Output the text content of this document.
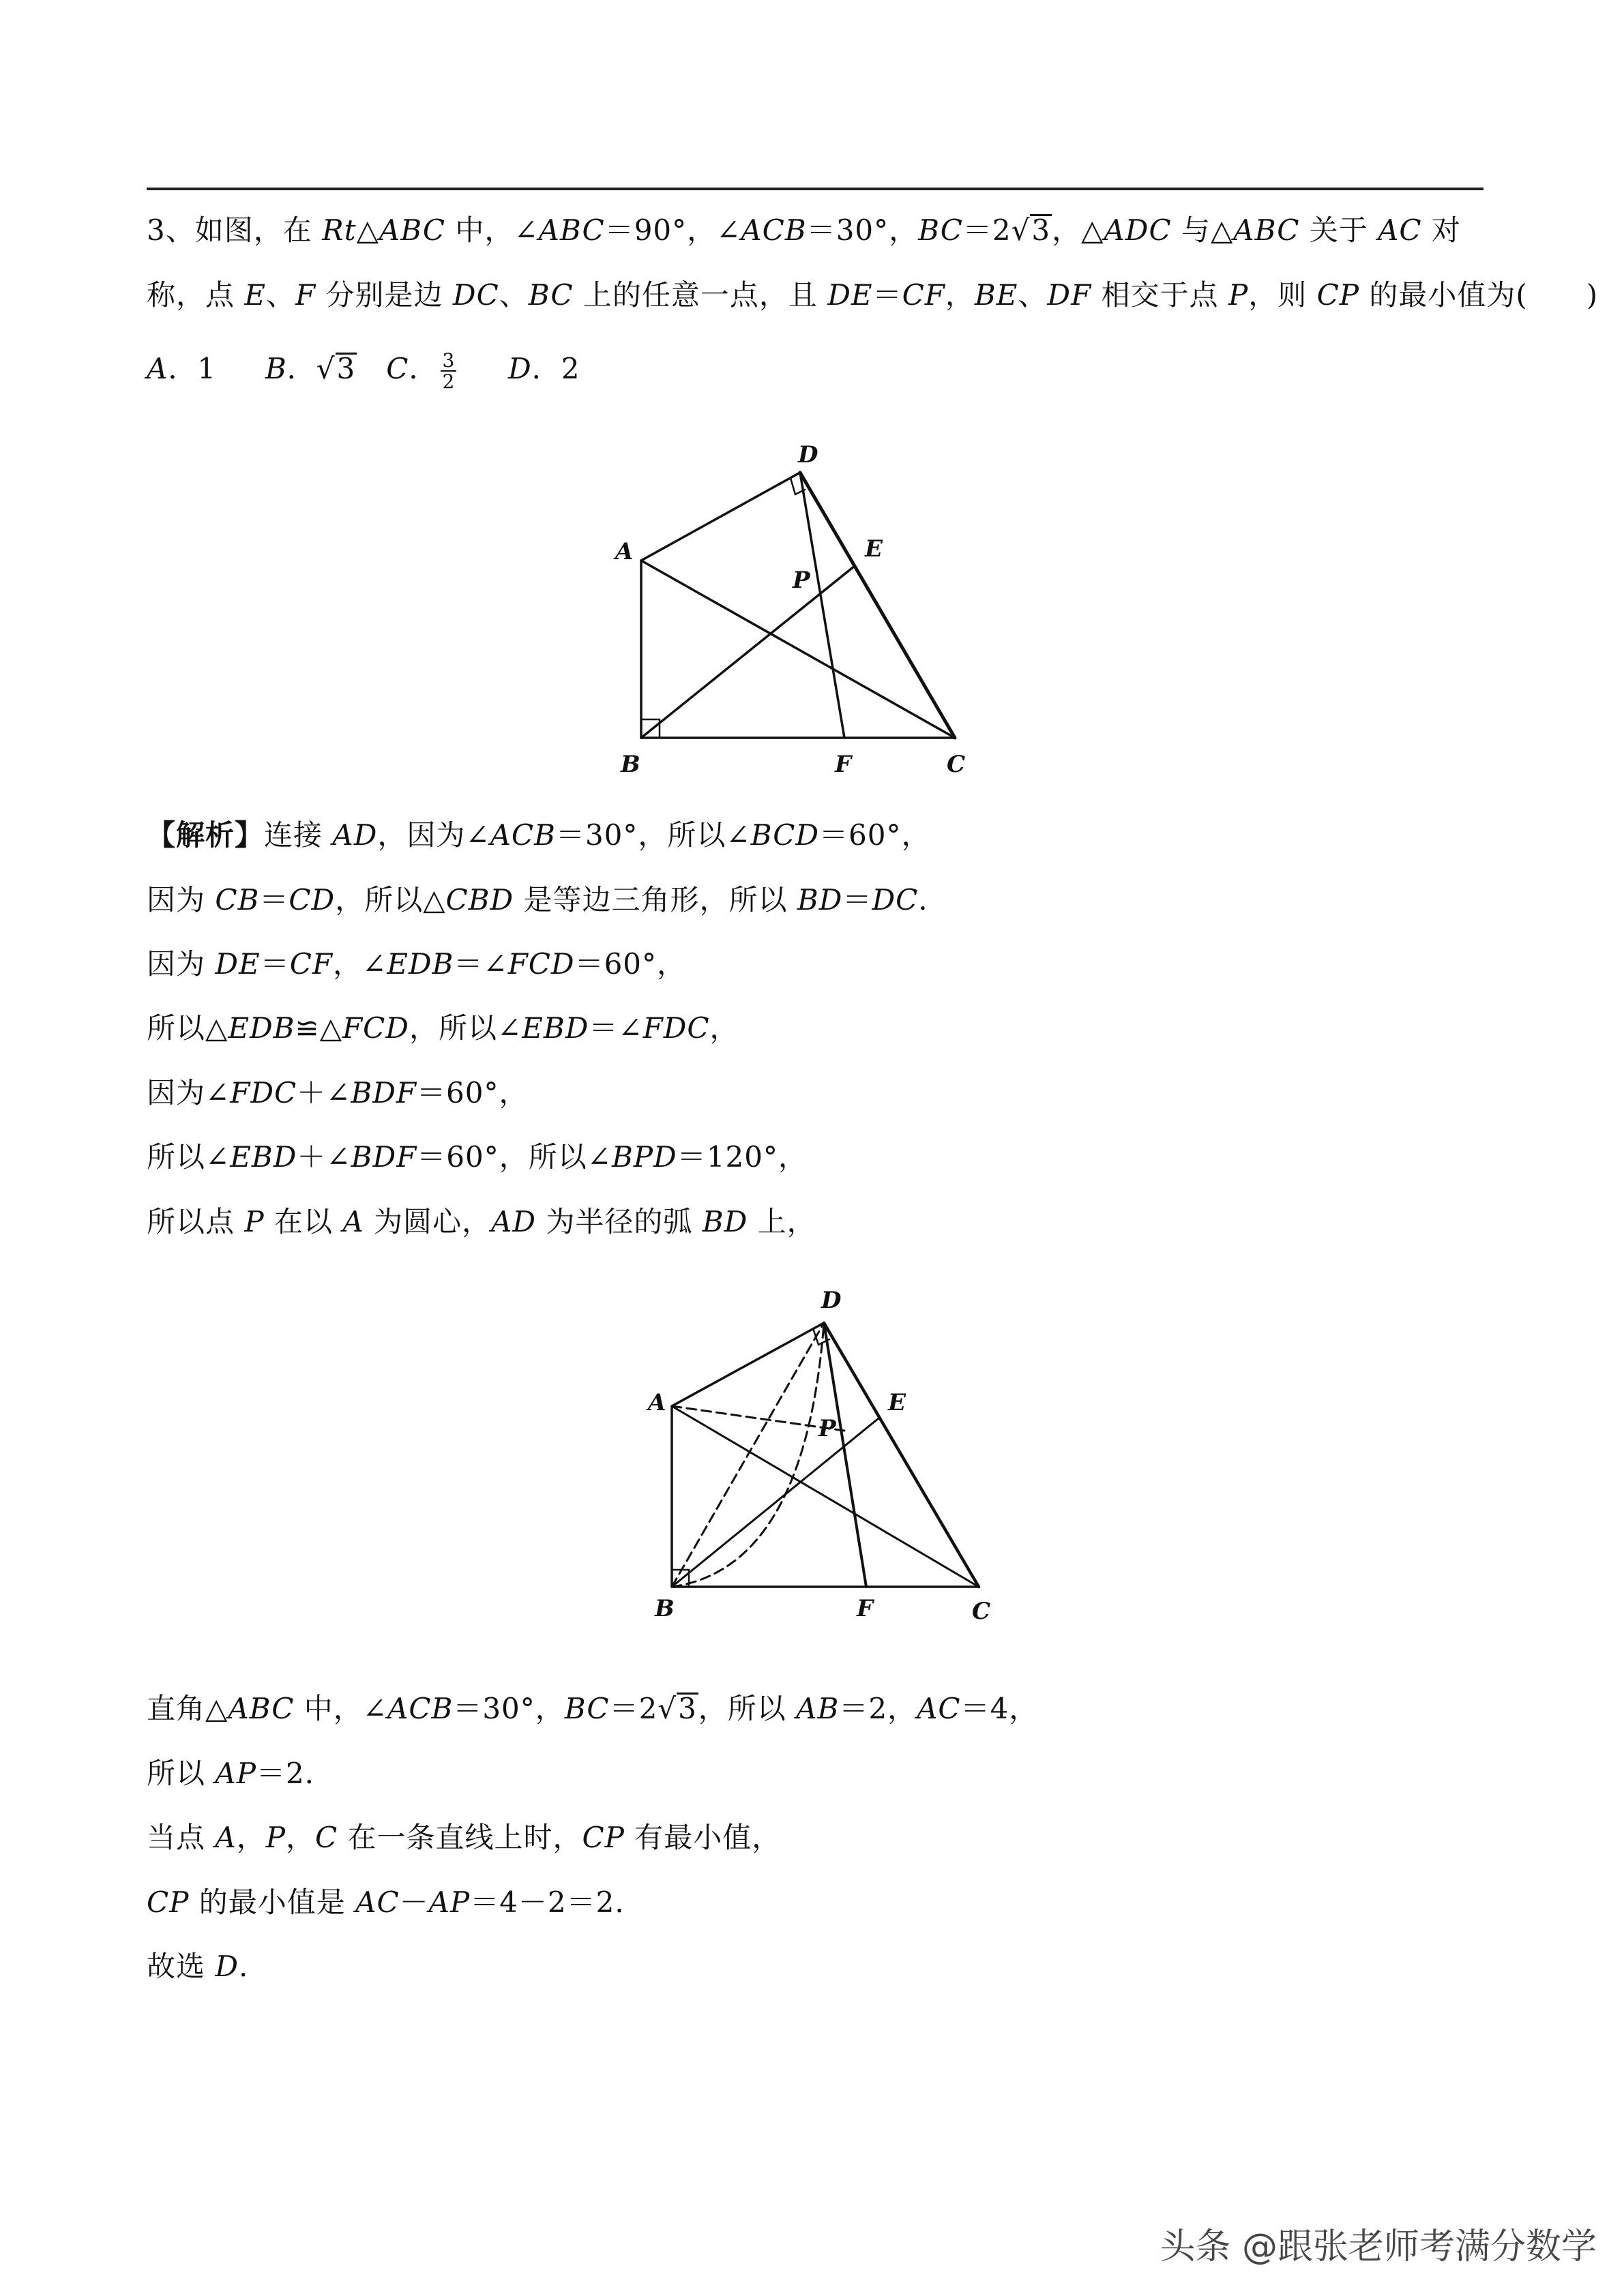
3、如图，在 Rt△ABC 中，∠ABC＝90°，∠ACB＝30°，BC＝2√3，△ADC 与△ABC 关于 AC 对
称，点 E、F 分别是边 DC、BC 上的任意一点，且 DE＝CF，BE、DF 相交于点 P，则 CP 的最小值为(　　)
A．1 B．√3 C． $\frac{3}{2}$ D．2
A
B	C
D
E
F
P
【解析】连接 AD，因为∠ACB＝30°，所以∠BCD＝60°，
因为 CB＝CD，所以△CBD 是等边三角形，所以 BD＝DC.
因为 DE＝CF，∠EDB＝∠FCD＝60°，
所以△EDB≌△FCD，所以∠EBD＝∠FDC，
因为∠FDC＋∠BDF＝60°，
所以∠EBD＋∠BDF＝60°，所以∠BPD＝120°，
所以点 P 在以 A 为圆心，AD 为半径的弧 BD 上，
A
B	C
D
E
F
P
直角△ABC 中，∠ACB＝30°，BC＝2√3，所以 AB＝2，AC＝4，
所以 AP＝2.
当点 A，P，C 在一条直线上时，CP 有最小值，
CP 的最小值是 AC－AP＝4－2＝2.
故选 D.
头条 @跟张老师考满分数学
